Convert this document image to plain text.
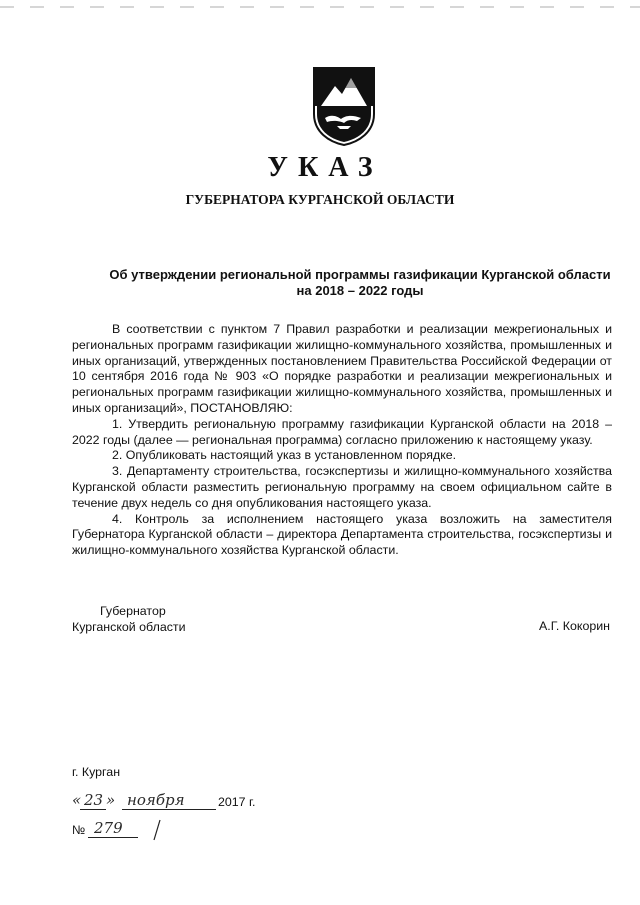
УКАЗ
ГУБЕРНАТОРА КУРГАНСКОЙ ОБЛАСТИ
Об утверждении региональной программы газификации Курганской области
на 2018 – 2022 годы

В соответствии с пунктом 7 Правил разработки и реализации межрегиональных и региональных программ газификации жилищно-коммунального хозяйства, промышленных и иных организаций, утвержденных постановлением Правительства Российской Федерации от 10 сентября 2016 года № 903 «О порядке разработки и реализации межрегиональных и региональных программ газификации жилищно-коммунального хозяйства, промышленных и иных организаций», ПОСТАНОВЛЯЮ:

1. Утвердить региональную программу газификации Курганской области на 2018 – 2022 годы (далее — региональная программа) согласно приложению к настоящему указу.

2. Опубликовать настоящий указ в установленном порядке.

3. Департаменту строительства, госэкспертизы и жилищно-коммунального хозяйства Курганской области разместить региональную программу на своем официальном сайте в течение двух недель со дня опубликования настоящего указа.

4. Контроль за исполнением настоящего указа возложить на заместителя Губернатора Курганской области – директора Департамента строительства, госэкспертизы и жилищно-коммунального хозяйства Курганской области.

Губернатор
Курганской области	А.Г. Кокорин
г. Курган
« 23 » ноября	2017 г.
№ 279
